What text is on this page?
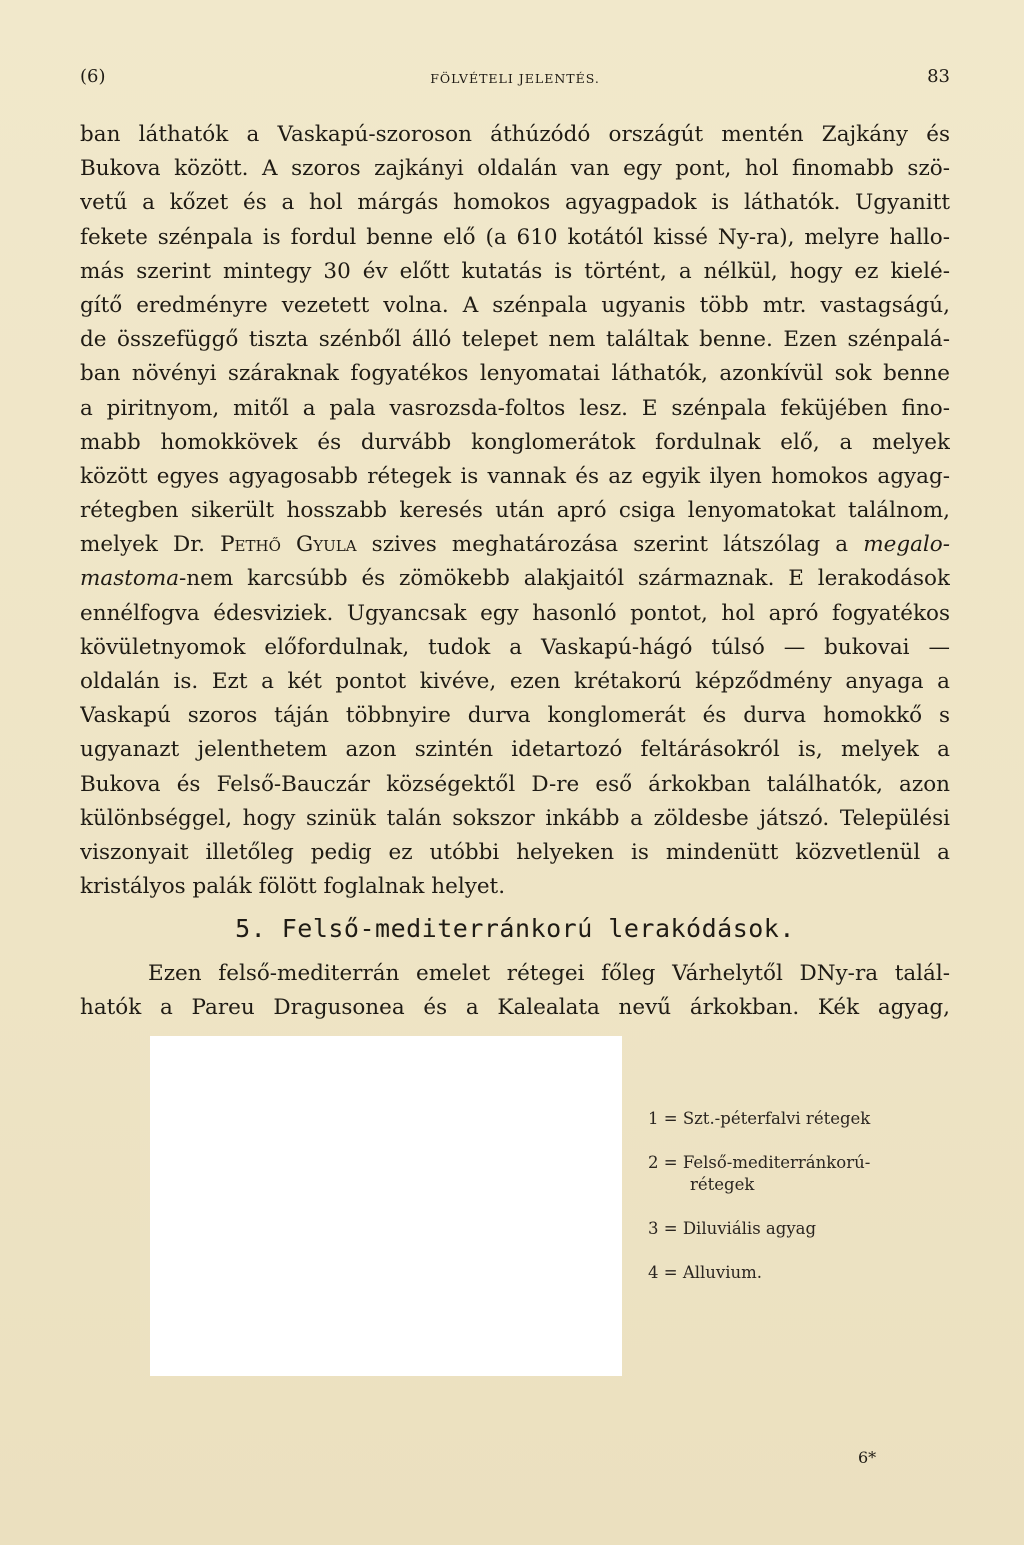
(6)	FÖLVÉTELI JELENTÉS.	83
ban láthatók a Vaskapú-szoroson áthúzódó országút mentén Zajkány és
Bukova között. A szoros zajkányi oldalán van egy pont, hol finomabb szö-
vetű a kőzet és a hol márgás homokos agyagpadok is láthatók. Ugyanitt
fekete szénpala is fordul benne elő (a 610 kotától kissé Ny-ra), melyre hallo-
más szerint mintegy 30 év előtt kutatás is történt, a nélkül, hogy ez kielé-
gítő eredményre vezetett volna. A szénpala ugyanis több mtr. vastagságú,
de összefüggő tiszta szénből álló telepet nem találtak benne. Ezen szénpalá-
ban növényi száraknak fogyatékos lenyomatai láthatók, azonkívül sok benne
a piritnyom, mitől a pala vasrozsda-foltos lesz. E szénpala feküjében fino-
mabb homokkövek és durvább konglomerátok fordulnak elő, a melyek
között egyes agyagosabb rétegek is vannak és az egyik ilyen homokos agyag-
rétegben sikerült hosszabb keresés után apró csiga lenyomatokat találnom,
melyek Dr. Pethő Gyula szives meghatározása szerint látszólag a megalo-
mastoma-nem karcsúbb és zömökebb alakjaitól származnak. E lerakodások
ennélfogva édesviziek. Ugyancsak egy hasonló pontot, hol apró fogyatékos
kövületnyomok előfordulnak, tudok a Vaskapú-hágó túlsó — bukovai —
oldalán is. Ezt a két pontot kivéve, ezen krétakorú képződmény anyaga a
Vaskapú szoros táján többnyire durva konglomerát és durva homokkő s
ugyanazt jelenthetem azon szintén idetartozó feltárásokról is, melyek a
Bukova és Felső-Bauczár községektől D-re eső árkokban találhatók, azon
különbséggel, hogy szinük talán sokszor inkább a zöldesbe játszó. Települési
viszonyait illetőleg pedig ez utóbbi helyeken is mindenütt közvetlenül a
kristályos palák fölött foglalnak helyet.
5. Felső-mediterránkorú lerakódások.
Ezen felső-mediterrán emelet rétegei főleg Várhelytől DNy-ra talál-
hatók a Pareu Dragusonea és a Kalealata nevű árkokban. Kék agyag,
1 = Szt.-péterfalvi rétegek
2 = Felső-mediterránkorú-
rétegek
3 = Diluviális agyag
4 = Alluvium.
6*
